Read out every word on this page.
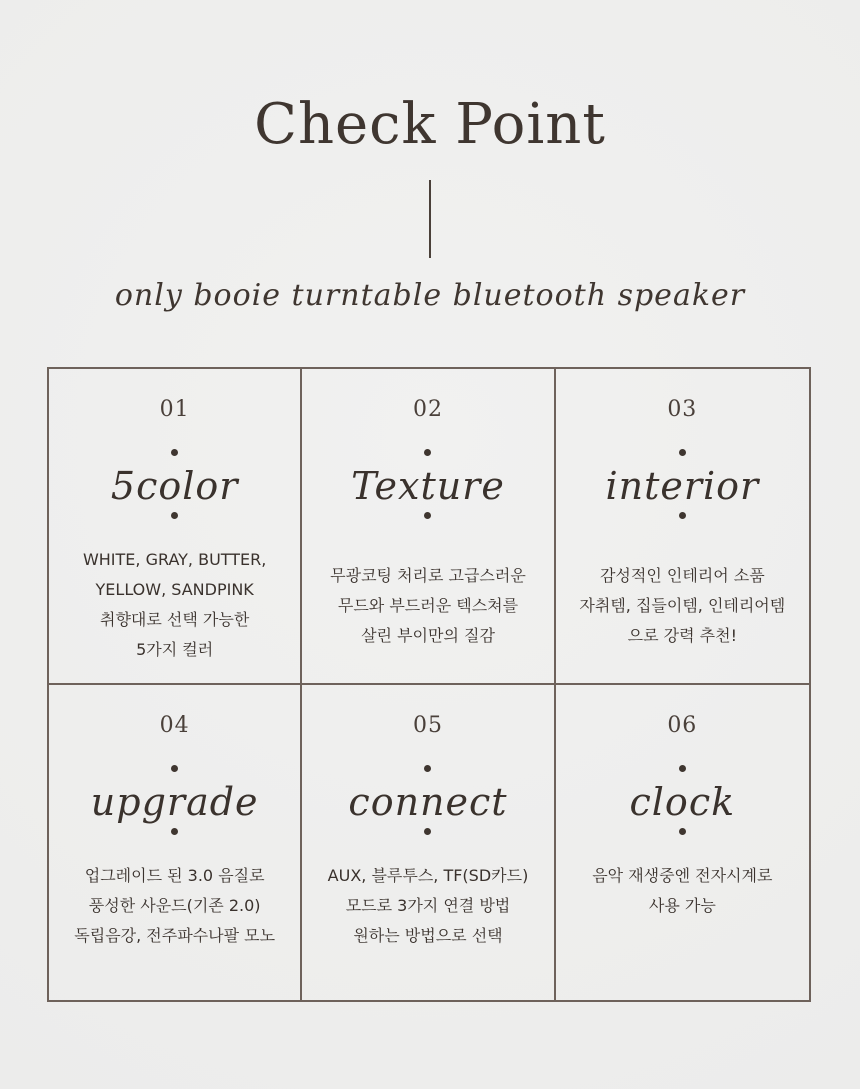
Check Point
only booie turntable bluetooth speaker
01
5color
WHITE, GRAY, BUTTER,
YELLOW, SANDPINK
취향대로 선택 가능한
5가지 컬러
02
Texture
무광코팅 처리로 고급스러운
무드와 부드러운 텍스쳐를
살린 부이만의 질감
03
interior
감성적인 인테리어 소품
자취템, 집들이템, 인테리어템
으로 강력 추천!
04
upgrade
업그레이드 된 3.0 음질로
풍성한 사운드(기존 2.0)
독립음강, 전주파수나팔 모노
05
connect
AUX, 블루투스, TF(SD카드)
모드로 3가지 연결 방법
원하는 방법으로 선택
06
clock
음악 재생중엔 전자시계로
사용 가능
